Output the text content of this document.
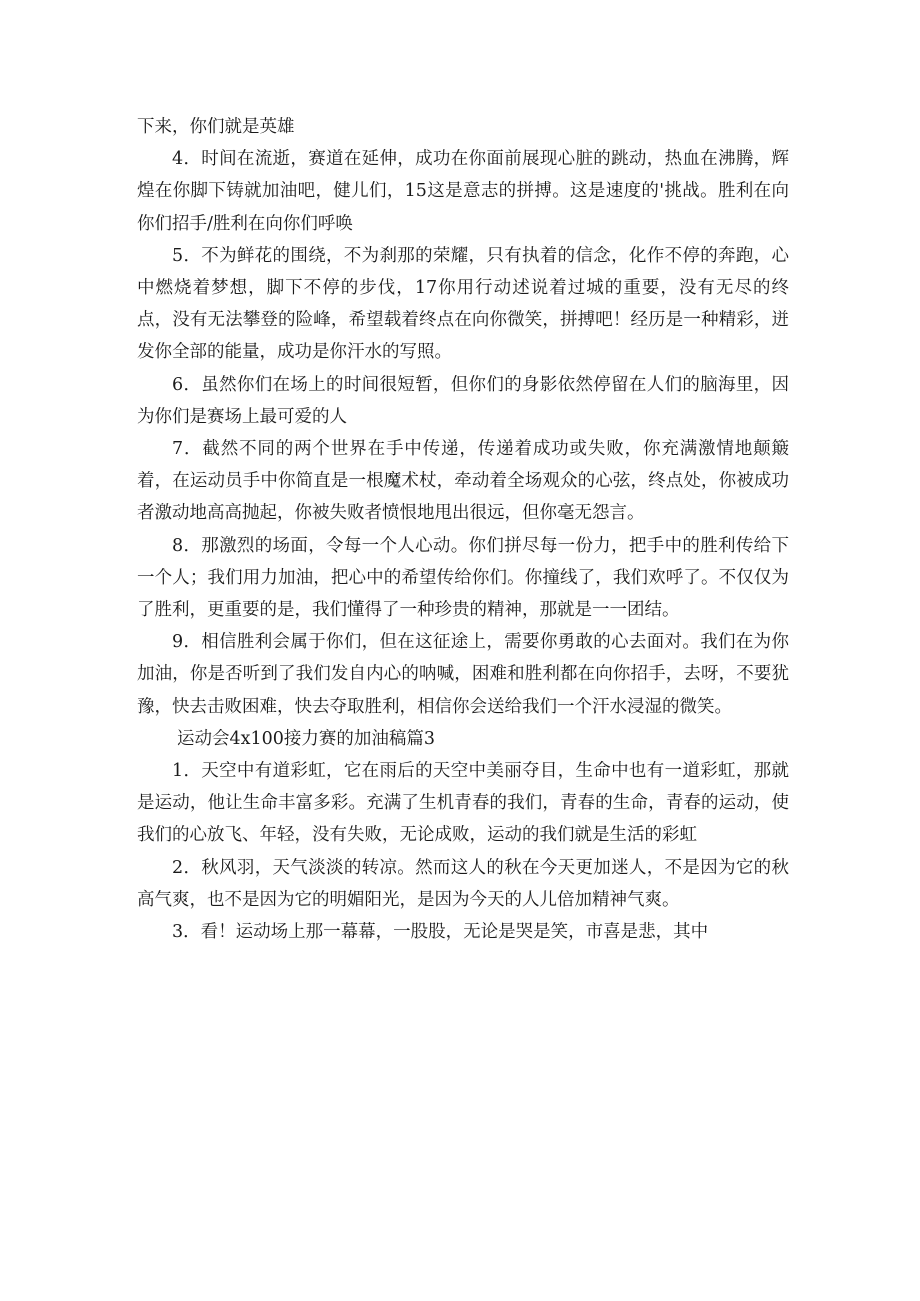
下来，你们就是英雄

4．时间在流逝，赛道在延伸，成功在你面前展现心脏的跳动，热血在沸腾，辉煌在你脚下铸就加油吧，健儿们，15这是意志的拼搏。这是速度的'挑战。胜利在向你们招手/胜利在向你们呼唤

5．不为鲜花的围绕，不为刹那的荣耀，只有执着的信念，化作不停的奔跑，心中燃烧着梦想，脚下不停的步伐，17你用行动述说着过城的重要，没有无尽的终点，没有无法攀登的险峰，希望载着终点在向你微笑，拼搏吧！经历是一种精彩，迸发你全部的能量，成功是你汗水的写照。

6．虽然你们在场上的时间很短暂，但你们的身影依然停留在人们的脑海里，因为你们是赛场上最可爱的人

7．截然不同的两个世界在手中传递，传递着成功或失败，你充满激情地颠簸着，在运动员手中你简直是一根魔术杖，牵动着全场观众的心弦，终点处，你被成功者激动地高高抛起，你被失败者愤恨地甩出很远，但你毫无怨言。

8．那激烈的场面，令每一个人心动。你们拼尽每一份力，把手中的胜利传给下一个人；我们用力加油，把心中的希望传给你们。你撞线了，我们欢呼了。不仅仅为了胜利，更重要的是，我们懂得了一种珍贵的精神，那就是一一团结。

9．相信胜利会属于你们，但在这征途上，需要你勇敢的心去面对。我们在为你加油，你是否听到了我们发自内心的呐喊，困难和胜利都在向你招手，去呀，不要犹豫，快去击败困难，快去夺取胜利，相信你会送给我们一个汗水浸湿的微笑。

运动会4x100接力赛的加油稿篇3

1．天空中有道彩虹，它在雨后的天空中美丽夺目，生命中也有一道彩虹，那就是运动，他让生命丰富多彩。充满了生机青春的我们，青春的生命，青春的运动，使我们的心放飞、年轻，没有失败，无论成败，运动的我们就是生活的彩虹

2．秋风羽，天气淡淡的转凉。然而这人的秋在今天更加迷人，不是因为它的秋高气爽，也不是因为它的明媚阳光，是因为今天的人儿倍加精神气爽。

3．看！运动场上那一幕幕，一股股，无论是哭是笑，市喜是悲，其中
